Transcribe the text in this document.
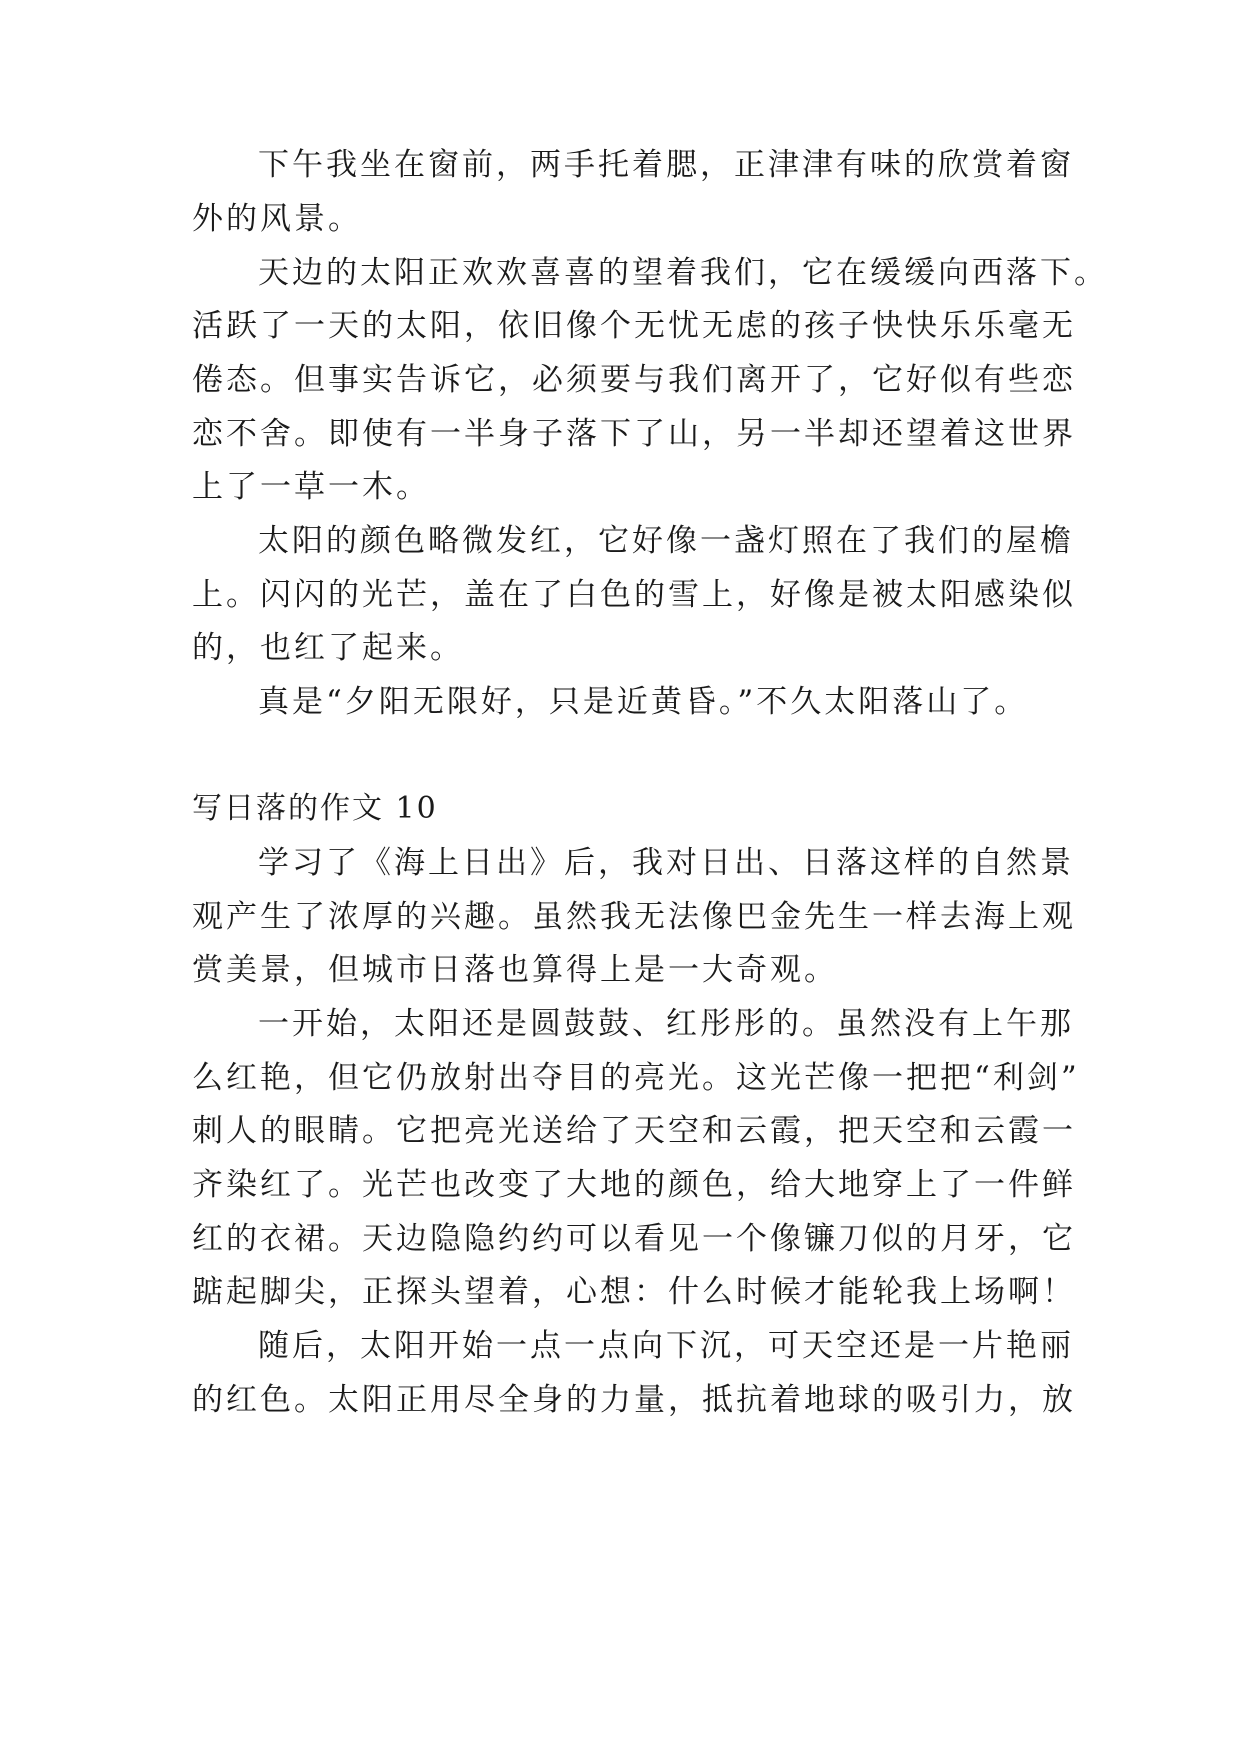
下午我坐在窗前，两手托着腮，正津津有味的欣赏着窗
外的风景。
天边的太阳正欢欢喜喜的望着我们，它在缓缓向西落下。
活跃了一天的太阳，依旧像个无忧无虑的孩子快快乐乐毫无
倦态。但事实告诉它，必须要与我们离开了，它好似有些恋
恋不舍。即使有一半身子落下了山，另一半却还望着这世界
上了一草一木。
太阳的颜色略微发红，它好像一盏灯照在了我们的屋檐
上。闪闪的光芒，盖在了白色的雪上，好像是被太阳感染似
的，也红了起来。
真是“夕阳无限好，只是近黄昏。”不久太阳落山了。
写日落的作文 10
学习了《海上日出》后，我对日出、日落这样的自然景
观产生了浓厚的兴趣。虽然我无法像巴金先生一样去海上观
赏美景，但城市日落也算得上是一大奇观。
一开始，太阳还是圆鼓鼓、红彤彤的。虽然没有上午那
么红艳，但它仍放射出夺目的亮光。这光芒像一把把“利剑”
刺人的眼睛。它把亮光送给了天空和云霞，把天空和云霞一
齐染红了。光芒也改变了大地的颜色，给大地穿上了一件鲜
红的衣裙。天边隐隐约约可以看见一个像镰刀似的月牙，它
踮起脚尖，正探头望着，心想：什么时候才能轮我上场啊！
随后，太阳开始一点一点向下沉，可天空还是一片艳丽
的红色。太阳正用尽全身的力量，抵抗着地球的吸引力，放
